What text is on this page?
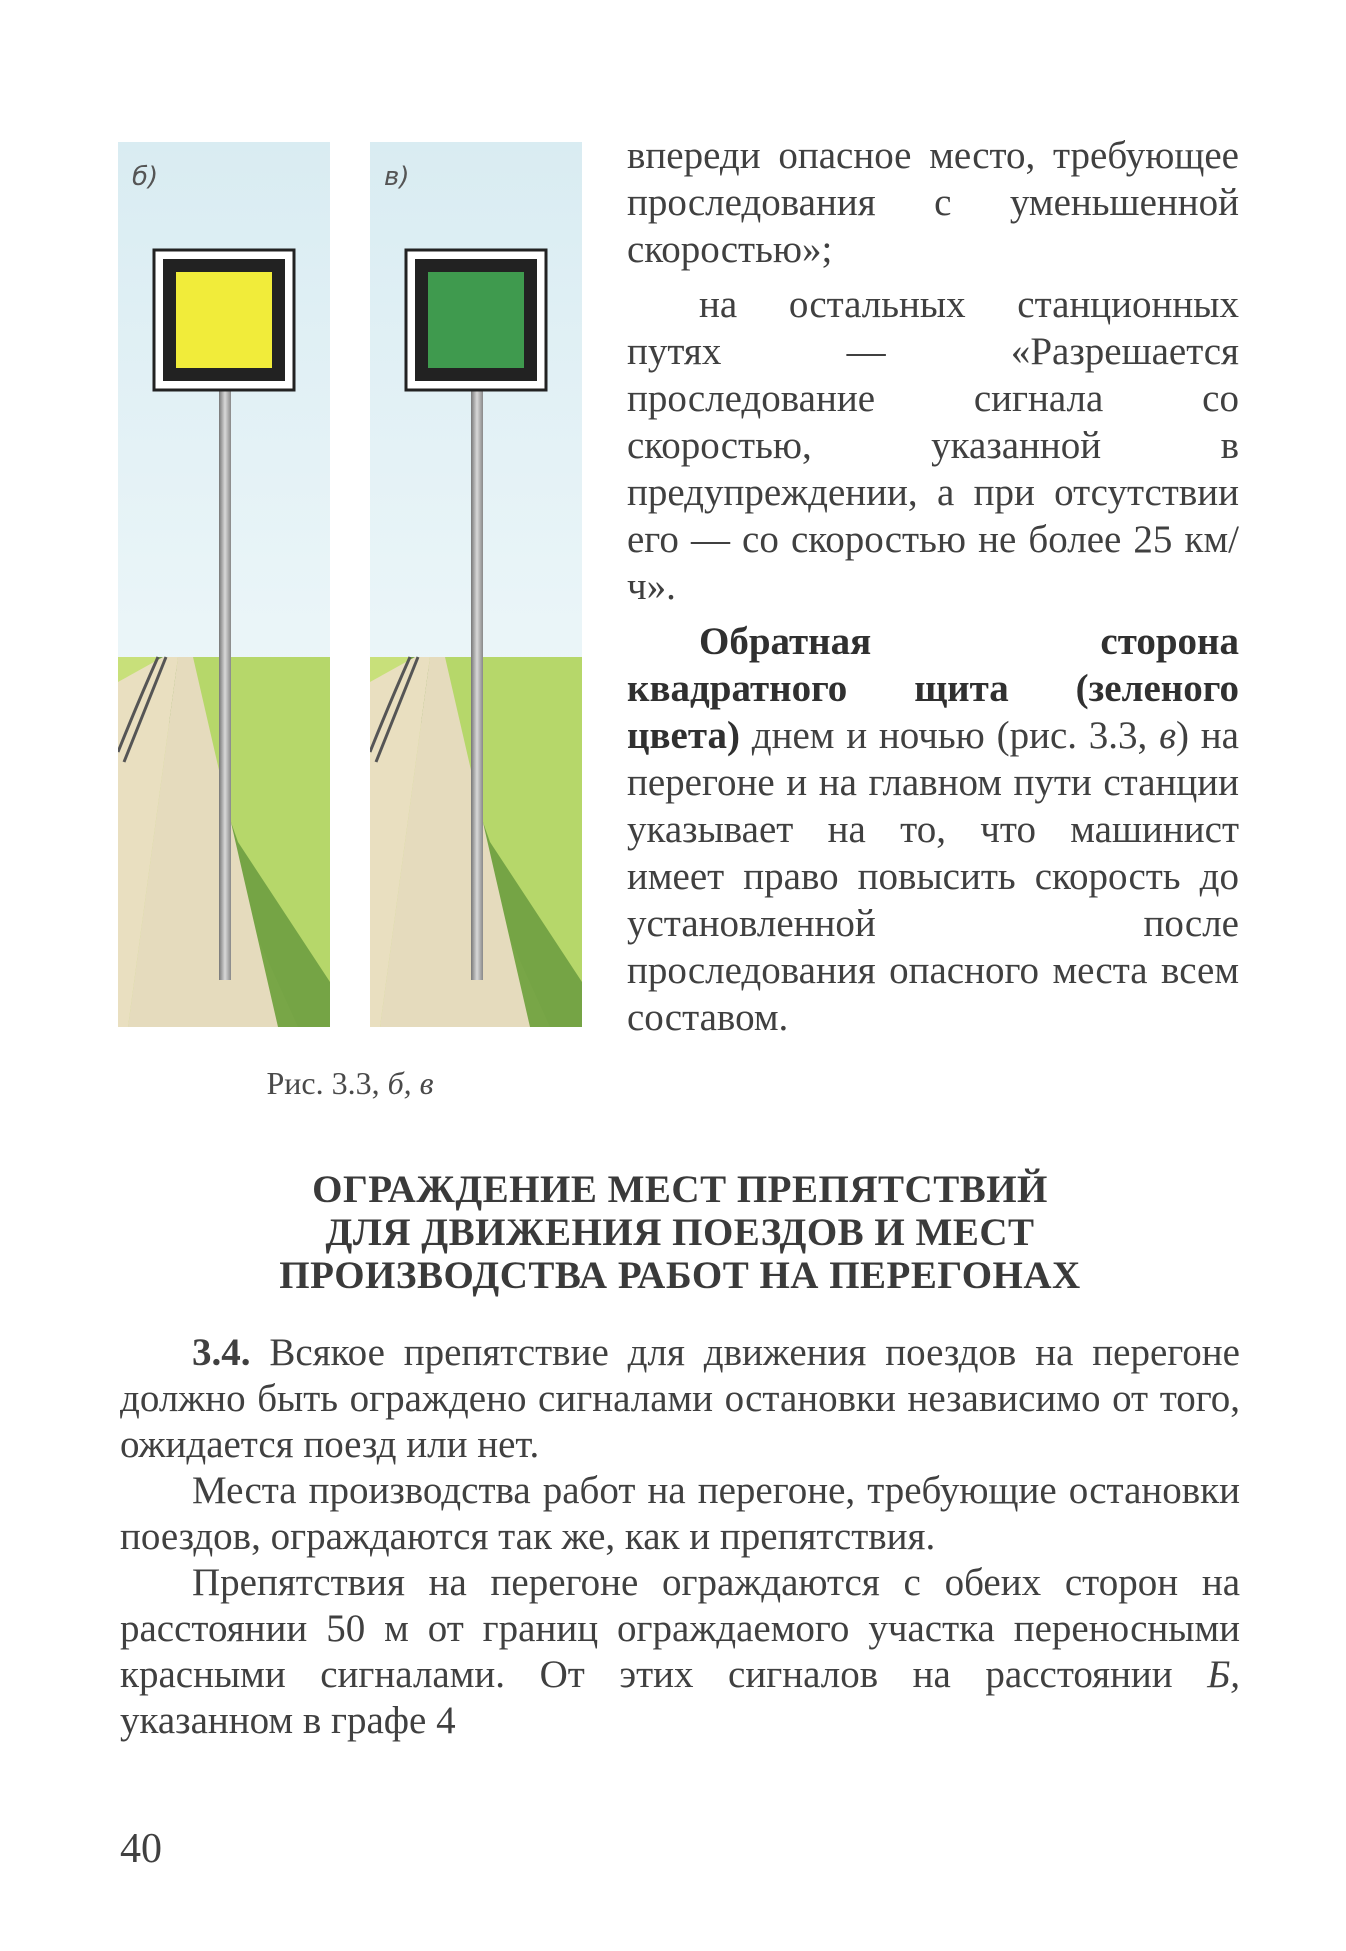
б)	в)
Рис. 3.3, б, в

впереди опасное место, требующее проследования с уменьшенной скоростью»;

на остальных станционных путях — «Разрешается проследование сигнала со скоростью, указанной в предупреждении, а при отсутствии его — со скоростью не более 25 км/ч».

Обратная сторона квадратного щита (зеленого цвета) днем и ночью (рис. 3.3, в) на перегоне и на главном пути станции указывает на то, что машинист имеет право повысить скорость до установленной после проследования опасного места всем составом.

ОГРАЖДЕНИЕ МЕСТ ПРЕПЯТСТВИЙ
ДЛЯ ДВИЖЕНИЯ ПОЕЗДОВ И МЕСТ
ПРОИЗВОДСТВА РАБОТ НА ПЕРЕГОНАХ

3.4. Всякое препятствие для движения поездов на перегоне должно быть ограждено сигналами остановки независимо от того, ожидается поезд или нет.

Места производства работ на перегоне, требующие остановки поездов, ограждаются так же, как и препятствия.

Препятствия на перегоне ограждаются с обеих сторон на расстоянии 50 м от границ ограждаемого участка переносными красными сигналами. От этих сигналов на расстоянии Б, указанном в графе 4

40
